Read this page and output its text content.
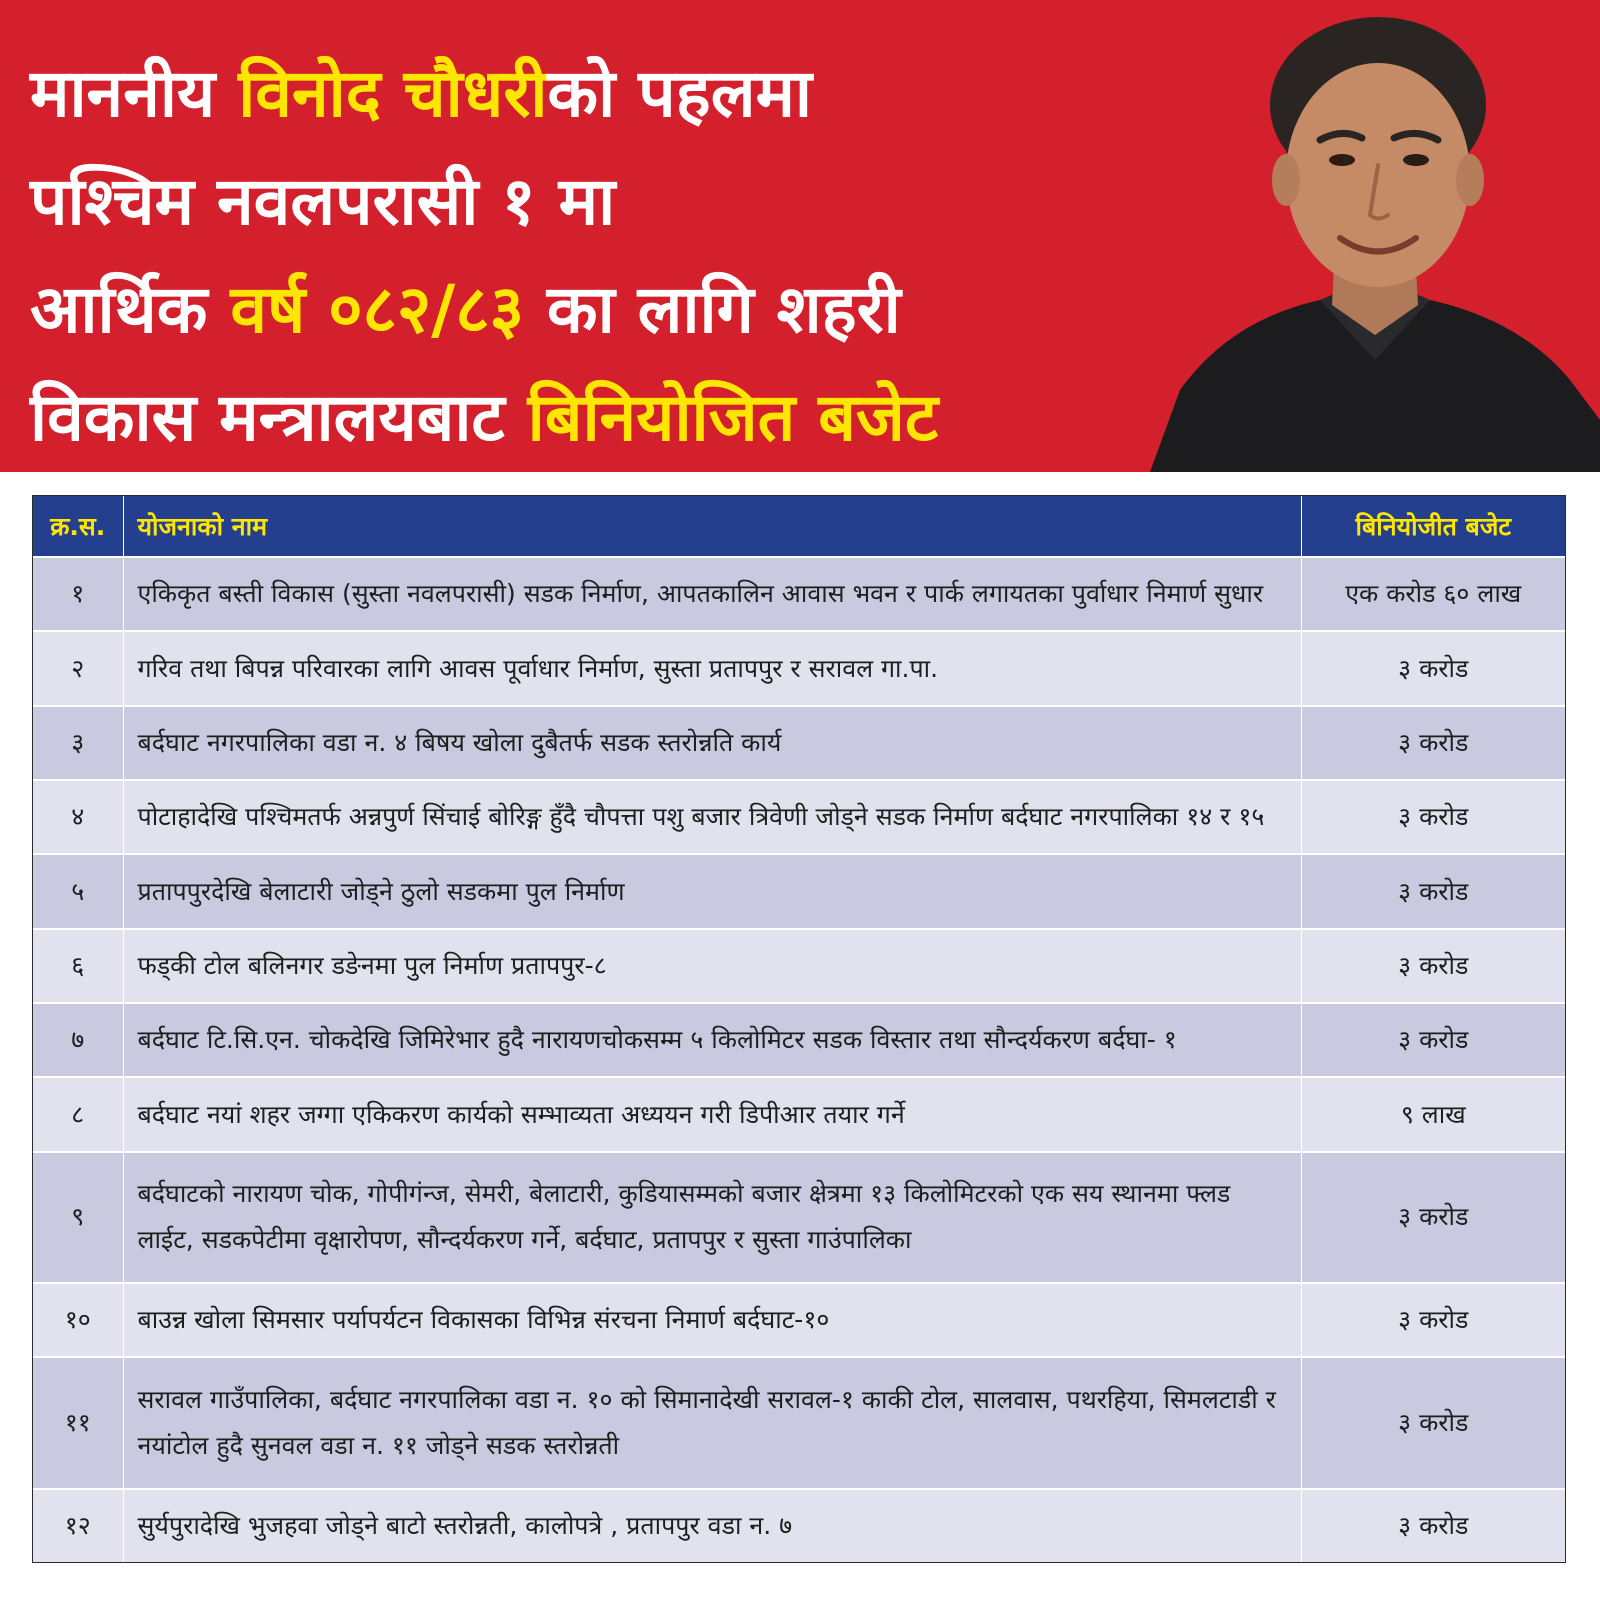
माननीय विनोद चौधरीको पहलमा
पश्चिम नवलपरासी १ मा
आर्थिक वर्ष ०८२/८३ का लागि शहरी
विकास मन्त्रालयबाट बिनियोजित बजेट
क्र.स.	योजनाको नाम	बिनियोजीत बजेट
१	एकिकृत बस्ती विकास (सुस्ता नवलपरासी) सडक निर्माण, आपतकालिन आवास भवन र पार्क लगायतका पुर्वाधार निमार्ण सुधार	एक करोड ६० लाख
२	गरिव तथा बिपन्न परिवारका लागि आवस पूर्वाधार निर्माण, सुस्ता प्रतापपुर र सरावल गा.पा.	३ करोड
३	बर्दघाट नगरपालिका वडा न. ४ बिषय खोला दुबैतर्फ सडक स्तरोन्नति कार्य	३ करोड
४	पोटाहादेखि पश्चिमतर्फ अन्नपुर्ण सिंचाई बोरिङ्ग हुँदै चौपत्ता पशु बजार त्रिवेणी जोड्ने सडक निर्माण बर्दघाट नगरपालिका १४ र १५	३ करोड
५	प्रतापपुरदेखि बेलाटारी जोड्ने ठुलो सडकमा पुल निर्माण	३ करोड
६	फड्की टोल बलिनगर डङेनमा पुल निर्माण प्रतापपुर-८	३ करोड
७	बर्दघाट टि.सि.एन. चोकदेखि जिमिरेभार हुदै नारायणचोकसम्म ५ किलोमिटर सडक विस्तार तथा सौन्दर्यकरण बर्दघा- १	३ करोड
८	बर्दघाट नयां शहर जग्गा एकिकरण कार्यको सम्भाव्यता अध्ययन गरी डिपीआर तयार गर्ने	९ लाख
९	बर्दघाटको नारायण चोक, गोपीगंन्ज, सेमरी, बेलाटारी, कुडियासम्मको बजार क्षेत्रमा १३ किलोमिटरको एक सय स्थानमा फ्लड लाईट, सडकपेटीमा वृक्षारोपण, सौन्दर्यकरण गर्ने, बर्दघाट, प्रतापपुर र सुस्ता गाउंपालिका	३ करोड
१०	बाउन्न खोला सिमसार पर्यापर्यटन विकासका विभिन्न संरचना निमार्ण बर्दघाट-१०	३ करोड
११	सरावल गाउँपालिका, बर्दघाट नगरपालिका वडा न. १० को सिमानादेखी सरावल-१ काकी टोल, सालवास, पथरहिया, सिमलटाडी र नयांटोल हुदै सुनवल वडा न. ११ जोड्ने सडक स्तरोन्नती	३ करोड
१२	सुर्यपुरादेखि भुजहवा जोड्ने बाटो स्तरोन्नती, कालोपत्रे , प्रतापपुर वडा न. ७	३ करोड
